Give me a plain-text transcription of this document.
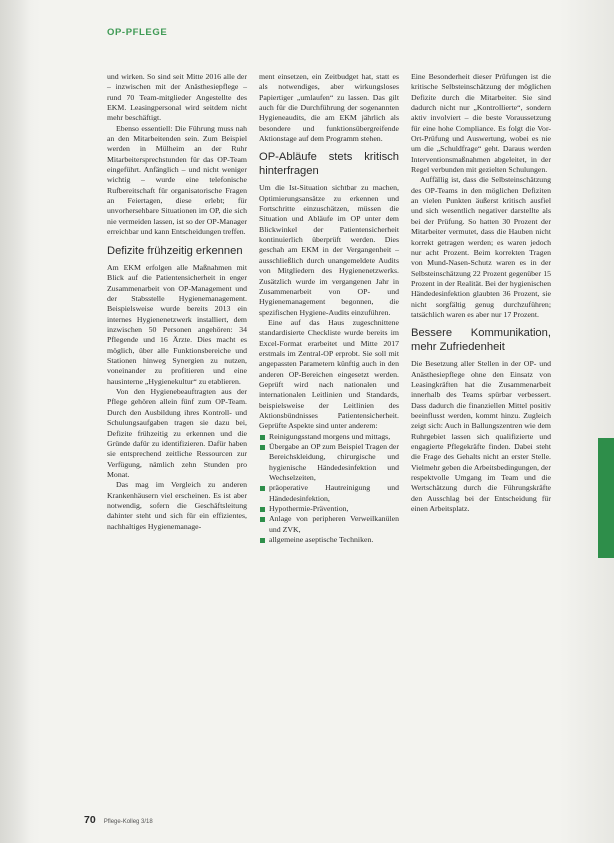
OP-PFLEGE

und wirken. So sind seit Mitte 2016 alle der – inzwischen mit der Anästhesiepflege – rund 70 Team-mitglieder Angestellte des EKM. Leasingpersonal wird seitdem nicht mehr beschäftigt.

Ebenso essentiell: Die Führung muss nah an den Mitarbeitenden sein. Zum Beispiel werden in Mülheim an der Ruhr Mitarbeitersprechstunden für das OP-Team eingeführt. Anfänglich – und nicht weniger wichtig – wurde eine telefonische Rufbereitschaft für organisatorische Fragen an Feiertagen, diese erlebt; für unvorhersehbare Situationen im OP, die sich nie vermeiden lassen, ist so der OP-Manager erreichbar und kann Entscheidungen treffen.

Defizite frühzeitig erkennen

Am EKM erfolgen alle Maßnahmen mit Blick auf die Patientensicherheit in enger Zusammenarbeit von OP-Management und der Stabsstelle Hygienemanagement. Beispielsweise wurde bereits 2013 ein internes Hygienenetzwerk installiert, dem inzwischen 50 Personen angehören: 34 Pflegende und 16 Ärzte. Dies macht es möglich, über alle Funktionsbereiche und Stationen hinweg Synergien zu nutzen, voneinander zu profitieren und eine hausinterne „Hygienekultur“ zu etablieren.

Von den Hygienebeauftragten aus der Pflege gehören allein fünf zum OP-Team. Durch den Ausbildung ihres Kontroll- und Schulungsaufgaben tragen sie dazu bei, Defizite frühzeitig zu erkennen und die Gründe dafür zu identifizieren. Dafür haben sie entsprechend zeitliche Ressourcen zur Verfügung, nämlich zehn Stunden pro Monat.

Das mag im Vergleich zu anderen Krankenhäusern viel erscheinen. Es ist aber notwendig, sofern die Geschäftsleitung dahinter steht und sich für ein effizientes, nachhaltiges Hygienemanage-

ment einsetzen, ein Zeitbudget hat, statt es als notwendiges, aber wirkungsloses Papiertiger „umlaufen“ zu lassen. Das gilt auch für die Durchführung der sogenannten Hygieneaudits, die am EKM jährlich als besondere und funktionsübergreifende Aktionstage auf dem Programm stehen.

OP-Abläufe stets kritisch hinterfragen

Um die Ist-Situation sichtbar zu machen, Optimierungsansätze zu erkennen und Fortschritte einzuschätzen, müssen die Situation und Abläufe im OP unter dem Blickwinkel der Patientensicherheit kontinuierlich überprüft werden. Dies geschah am EKM in der Vergangenheit – ausschließlich durch unangemeldete Audits von Mitgliedern des Hygienenetzwerks. Zusätzlich wurde im vergangenen Jahr in Zusammenarbeit von OP- und Hygienemanagement begonnen, die spezifischen Hygiene-Audits einzuführen.

Eine auf das Haus zugeschnittene standardisierte Checkliste wurde bereits im Excel-Format erarbeitet und Mitte 2017 erstmals im Zentral-OP erprobt. Sie soll mit angepassten Parametern künftig auch in den anderen OP-Bereichen eingesetzt werden. Geprüft wird nach nationalen und internationalen Leitlinien und Standards, beispielsweise der Leitlinien des Aktionsbündnisses Patientensicherheit. Geprüfte Aspekte sind unter anderem:

Reinigungsstand morgens und mittags,
Übergabe an OP zum Beispiel Tragen der Bereichskleidung, chirurgische und hygienische Händedesinfektion und Wechselzeiten,
präoperative Hautreinigung und Händedesinfektion,
Hypothermie-Prävention,
Anlage von peripheren Verweilkanülen und ZVK,
allgemeine aseptische Techniken.

Eine Besonderheit dieser Prüfungen ist die kritische Selbsteinschätzung der möglichen Defizite durch die Mitarbeiter. Sie sind dadurch nicht nur „Kontrollierte“, sondern aktiv involviert – die beste Voraussetzung für eine hohe Compliance. Es folgt die Vor-Ort-Prüfung und Auswertung, wobei es nie um die „Schuldfrage“ geht. Daraus werden Interventionsmaßnahmen abgeleitet, in der Regel verbunden mit gezielten Schulungen.

Auffällig ist, dass die Selbsteinschätzung des OP-Teams in den möglichen Defiziten an vielen Punkten äußerst kritisch ausfiel und sich wesentlich negativer darstellte als bei der Prüfung. So hatten 30 Prozent der Mitarbeiter vermutet, dass die Hauben nicht korrekt getragen werden; es waren jedoch nur acht Prozent. Beim korrekten Tragen von Mund-Nasen-Schutz waren es in der Selbsteinschätzung 22 Prozent gegenüber 15 Prozent in der Realität. Bei der hygienischen Händedesinfektion glaubten 36 Prozent, sie nicht sorgfältig genug durchzuführen; tatsächlich waren es aber nur 17 Prozent.

Bessere Kommunikation, mehr Zufriedenheit

Die Besetzung aller Stellen in der OP- und Anästhesiepflege ohne den Einsatz von Leasingkräften hat die Zusammenarbeit innerhalb des Teams spürbar verbessert. Dass dadurch die finanziellen Mittel positiv beeinflusst werden, kommt hinzu. Zugleich zeigt sich: Auch in Ballungszentren wie dem Ruhrgebiet lassen sich qualifizierte und engagierte Pflegekräfte finden. Dabei steht die Frage des Gehalts nicht an erster Stelle. Vielmehr geben die Arbeitsbedingungen, der respektvolle Umgang im Team und die Wertschätzung durch die Führungskräfte den Ausschlag bei der Entscheidung für einen Arbeitsplatz.

70 Pflege-Kolleg 3/18
